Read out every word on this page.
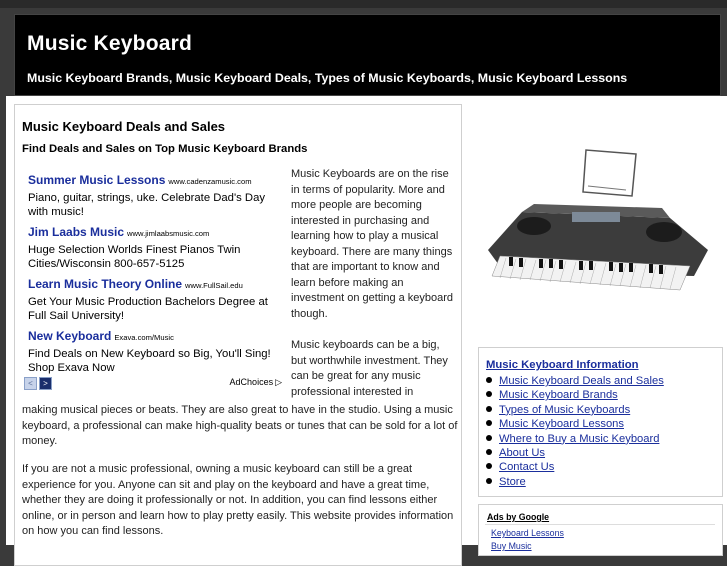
Music Keyboard
Music Keyboard Brands, Music Keyboard Deals, Types of Music Keyboards, Music Keyboard Lessons
Music Keyboard Deals and Sales
Find Deals and Sales on Top Music Keyboard Brands
Summer Music Lessons www.cadenzamusic.com
Piano, guitar, strings, uke. Celebrate Dad's Day with music!
Jim Laabs Music www.jimlaabsmusic.com
Huge Selection Worlds Finest Pianos Twin Cities/Wisconsin 800-657-5125
Learn Music Theory Online www.FullSail.edu
Get Your Music Production Bachelors Degree at Full Sail University!
New Keyboard Exava.com/Music
Find Deals on New Keyboard so Big, You'll Sing! Shop Exava Now
<	>	AdChoices ▷
Music Keyboards are on the rise in terms of popularity. More and more people are becoming interested in purchasing and learning how to play a musical keyboard. There are many things that are important to know and learn before making an investment on getting a keyboard though.
Music keyboards can be a big, but worthwhile investment. They can be great for any music professional interested in
making musical pieces or beats. They are also great to have in the studio. Using a music keyboard, a professional can make high-quality beats or tunes that can be sold for a lot of money.
If you are not a music professional, owning a music keyboard can still be a great experience for you. Anyone can sit and play on the keyboard and have a great time, whether they are doing it professionally or not. In addition, you can find lessons either online, or in person and learn how to play pretty easily. This website provides information on how you can find lessons.
Music Keyboard Information
Music Keyboard Deals and Sales
Music Keyboard Brands
Types of Music Keyboards
Music Keyboard Lessons
Where to Buy a Music Keyboard
About Us
Contact Us
Store
Ads by Google
Keyboard Lessons
Buy Music
